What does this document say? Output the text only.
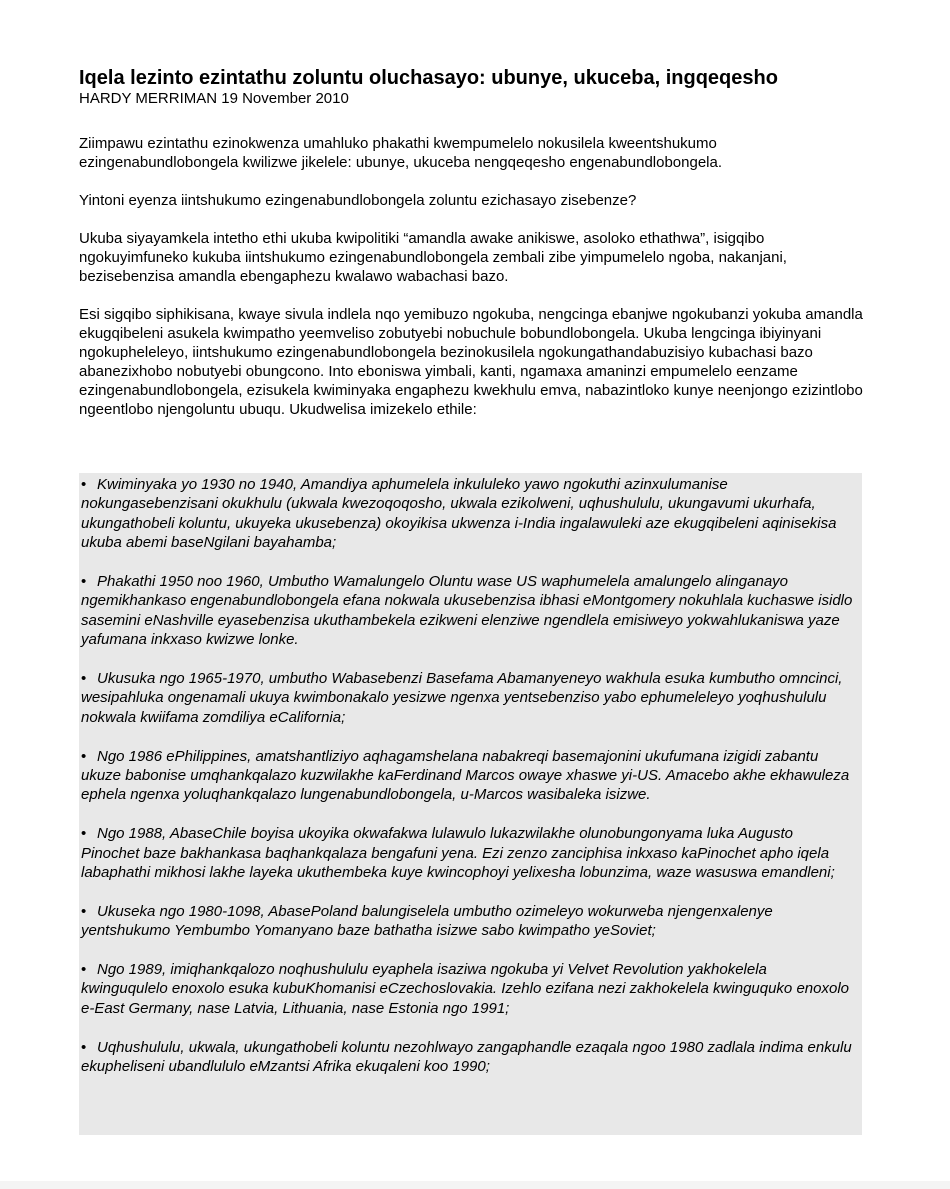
Iqela lezinto ezintathu zoluntu oluchasayo: ubunye, ukuceba, ingqeqesho

HARDY MERRIMAN 19 November 2010

Ziimpawu ezintathu ezinokwenza umahluko phakathi kwempumelelo nokusilela kweentshukumo ezingenabundlobongela kwilizwe jikelele: ubunye, ukuceba nengqeqesho engenabundlobongela.

Yintoni eyenza iintshukumo ezingenabundlobongela zoluntu ezichasayo zisebenze?

Ukuba siyayamkela intetho ethi ukuba kwipolitiki “amandla awake anikiswe, asoloko ethathwa”, isigqibo ngokuyimfuneko kukuba iintshukumo ezingenabundlobongela zembali zibe yimpumelelo ngoba, nakanjani, bezisebenzisa amandla ebengaphezu kwalawo wabachasi bazo.

Esi sigqibo siphikisana, kwaye sivula indlela nqo yemibuzo ngokuba, nengcinga ebanjwe ngokubanzi yokuba amandla ekugqibeleni asukela kwimpatho yeemveliso zobutyebi nobuchule bobundlobongela. Ukuba lengcinga ibiyinyani ngokupheleleyo, iintshukumo ezingenabundlobongela bezinokusilela ngokungathandabuzisiyo kubachasi bazo abanezixhobo nobutyebi obungcono. Into eboniswa yimbali, kanti, ngamaxa amaninzi empumelelo eenzame ezingenabundlobongela, ezisukela kwiminyaka engaphezu kwekhulu emva, nabazintloko kunye neenjongo ezizintlobo ngeentlobo njengoluntu ubuqu. Ukudwelisa imizekelo ethile:

• Kwiminyaka yo 1930 no 1940, Amandiya aphumelela inkululeko yawo ngokuthi azinxulumanise nokungasebenzisani okukhulu (ukwala kwezoqoqosho, ukwala ezikolweni, uqhushululu, ukungavumi ukurhafa, ukungathobeli koluntu, ukuyeka ukusebenza) okoyikisa ukwenza i-India ingalawuleki aze ekugqibeleni aqinisekisa ukuba abemi baseNgilani bayahamba;

• Phakathi 1950 noo 1960, Umbutho Wamalungelo Oluntu wase US waphumelela amalungelo alinganayo ngemikhankaso engenabundlobongela efana nokwala ukusebenzisa ibhasi eMontgomery nokuhlala kuchaswe isidlo sasemini eNashville eyasebenzisa ukuthambekela ezikweni elenziwe ngendlela emisiweyo yokwahlukaniswa yaze yafumana inkxaso kwizwe lonke.

• Ukusuka ngo 1965-1970, umbutho Wabasebenzi Basefama Abamanyeneyo wakhula esuka kumbutho omncinci, wesipahluka ongenamali ukuya kwimbonakalo yesizwe ngenxa yentsebenziso yabo ephumeleleyo yoqhushululu nokwala kwiifama zomdiliya eCalifornia;

• Ngo 1986 ePhilippines, amatshantliziyo aqhagamshelana nabakreqi basemajonini ukufumana izigidi zabantu ukuze babonise umqhankqalazo kuzwilakhe kaFerdinand Marcos owaye xhaswe yi-US. Amacebo akhe ekhawuleza ephela ngenxa yoluqhankqalazo lungenabundlobongela, u-Marcos wasibaleka isizwe.

• Ngo 1988, AbaseChile boyisa ukoyika okwafakwa lulawulo lukazwilakhe olunobungonyama luka Augusto Pinochet baze bakhankasa baqhankqalaza bengafuni yena. Ezi zenzo zanciphisa inkxaso kaPinochet apho iqela labaphathi mikhosi lakhe layeka ukuthembeka kuye kwincophoyi yelixesha lobunzima, waze wasuswa emandleni;

• Ukuseka ngo 1980-1098, AbasePoland balungiselela umbutho ozimeleyo wokurweba njengenxalenye yentshukumo Yembumbo Yomanyano baze bathatha isizwe sabo kwimpatho yeSoviet;

• Ngo 1989, imiqhankqalozo noqhushululu eyaphela isaziwa ngokuba yi Velvet Revolution yakhokelela kwinguqulelo enoxolo esuka kubuKhomanisi eCzechoslovakia. Izehlo ezifana nezi zakhokelela kwinguquko enoxolo e-East Germany, nase Latvia, Lithuania, nase Estonia ngo 1991;

• Uqhushululu, ukwala, ukungathobeli koluntu nezohlwayo zangaphandle ezaqala ngoo 1980 zadlala indima enkulu ekupheliseni ubandlululo eMzantsi Afrika ekuqaleni koo 1990;
